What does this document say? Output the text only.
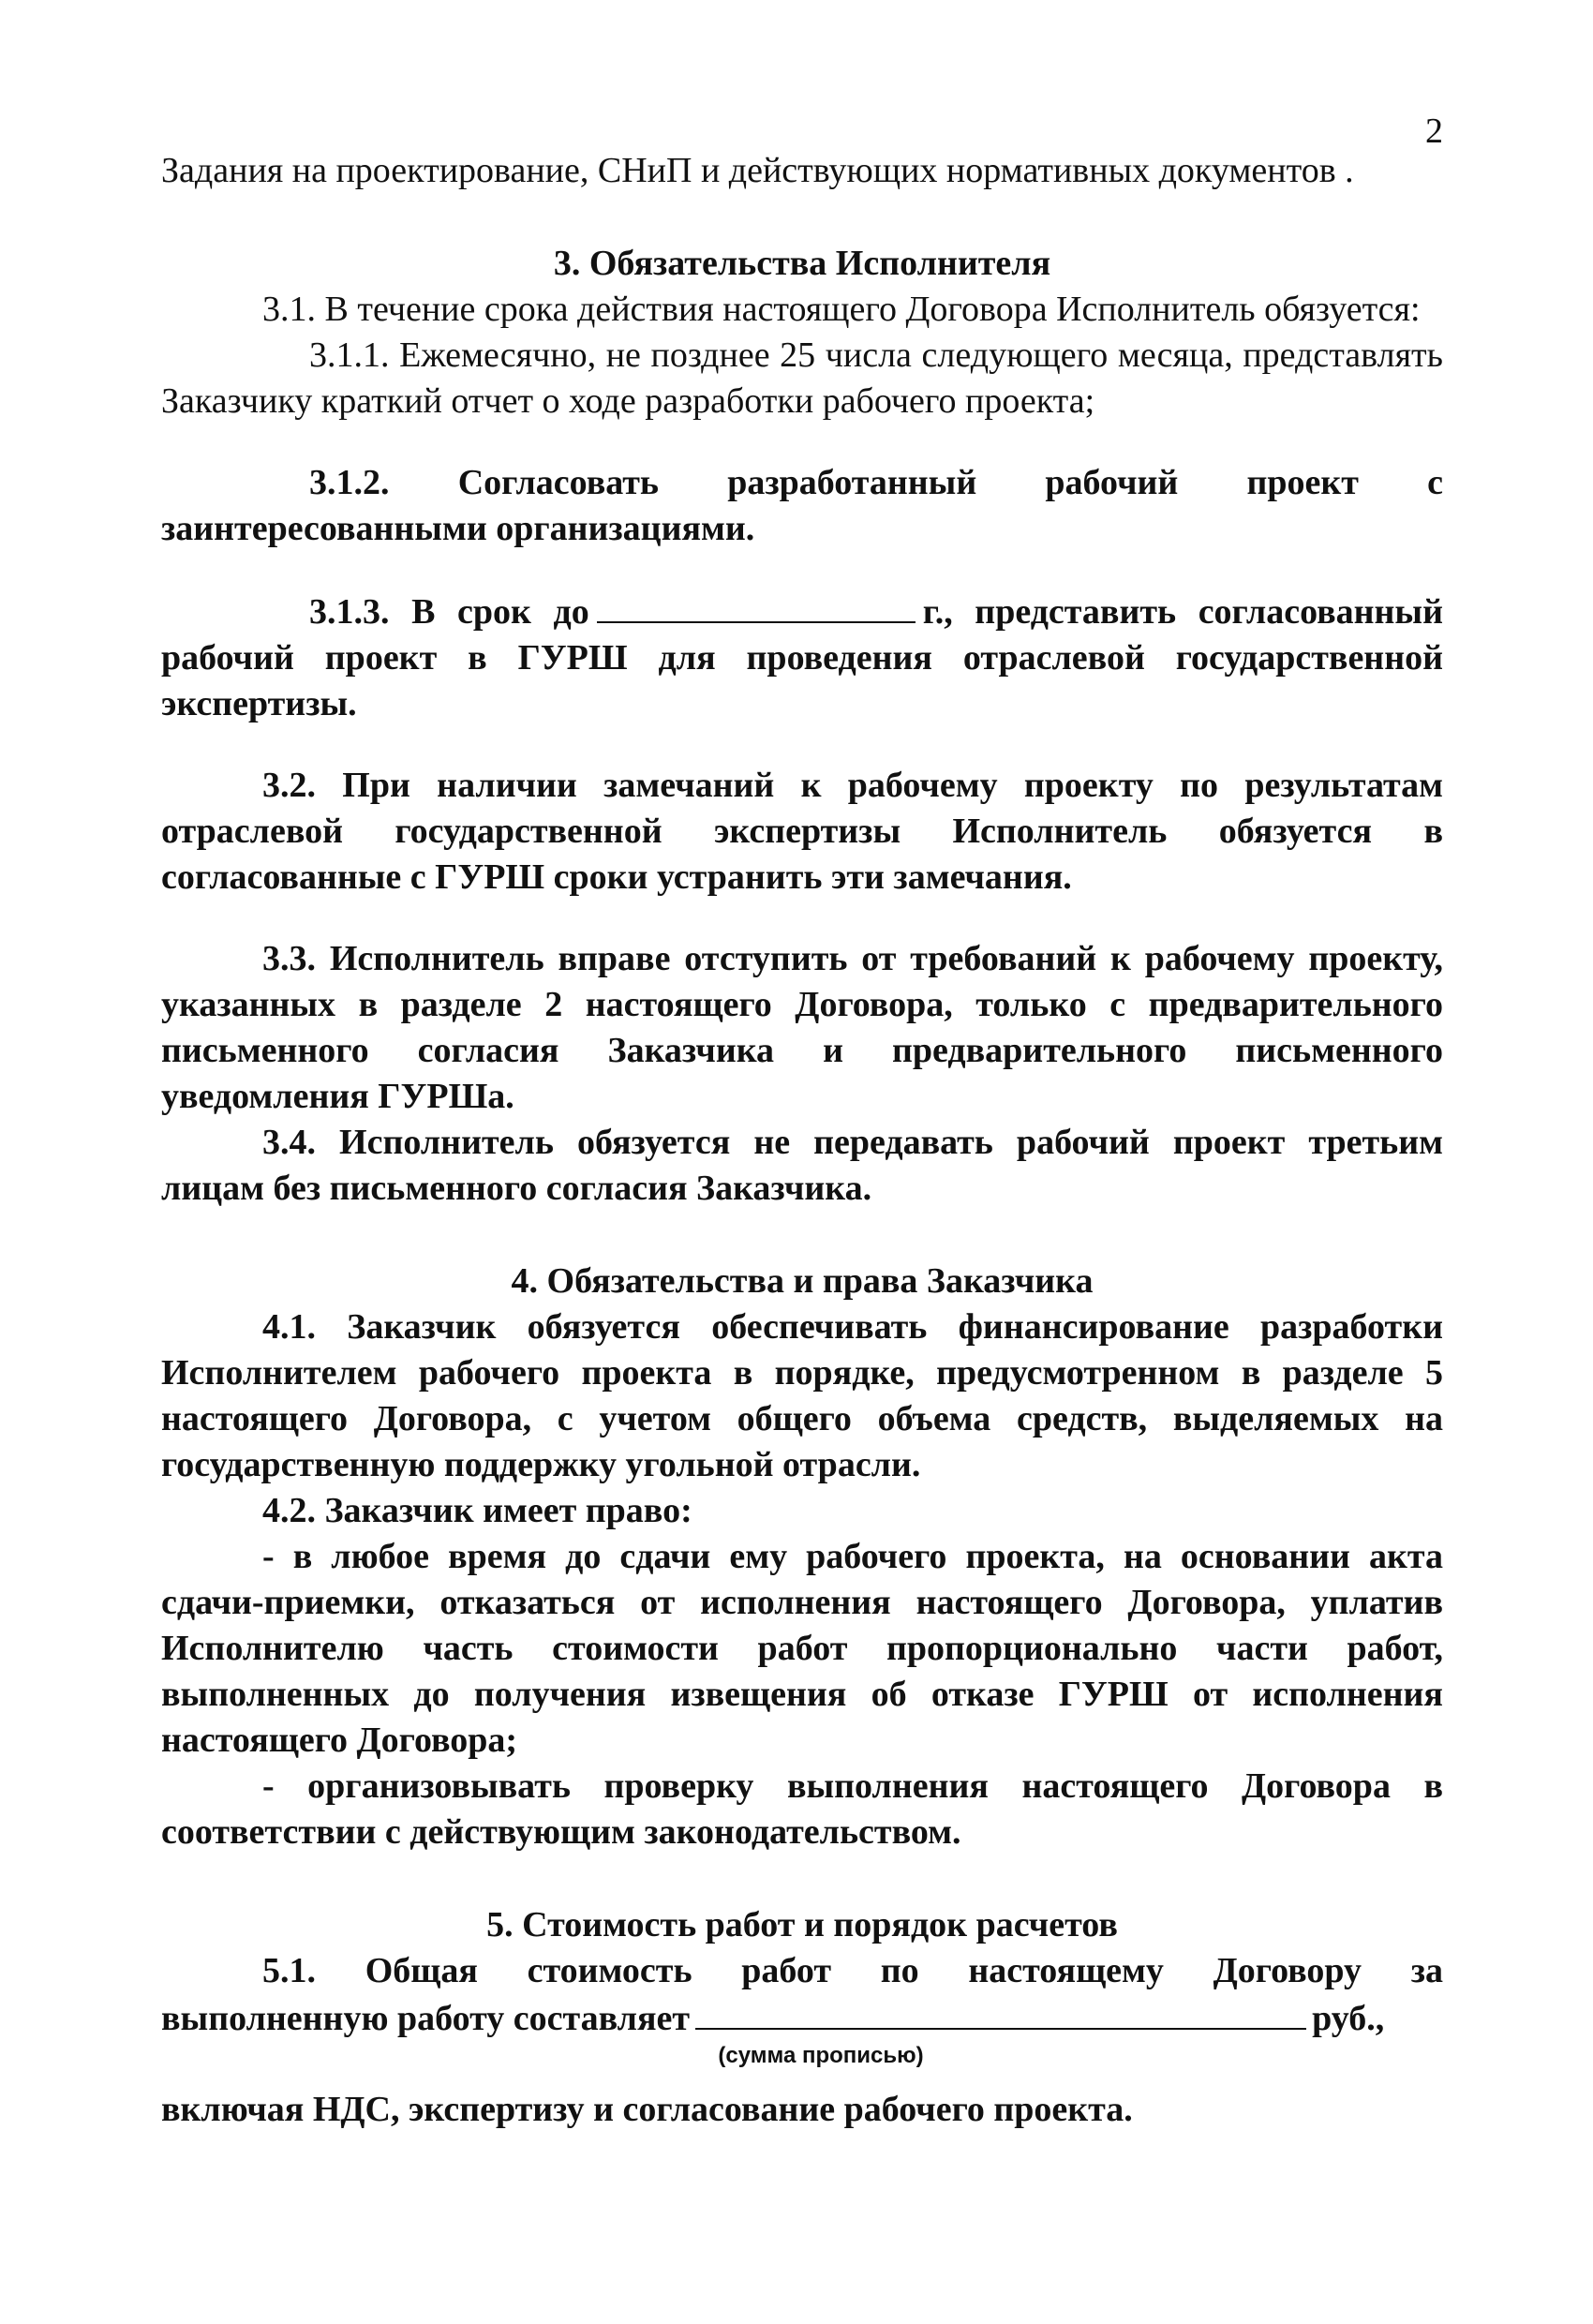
2

Задания на проектирование, СНиП и действующих нормативных документов .

3. Обязательства Исполнителя

3.1. В течение срока действия настоящего Договора Исполнитель обязуется:

3.1.1. Ежемесячно, не позднее 25 числа следующего месяца, представлять Заказчику краткий отчет о ходе разработки рабочего проекта;

3.1.2. Согласовать разработанный рабочий проект с заинтересованными организациями.

3.1.3. В срок до	г., представить согласованный рабочий проект в ГУРШ для проведения отраслевой государственной экспертизы.

3.2. При наличии замечаний к рабочему проекту по результатам отраслевой государственной экспертизы Исполнитель обязуется в согласованные с ГУРШ сроки устранить эти замечания.

3.3. Исполнитель вправе отступить от требований к рабочему проекту, указанных в разделе 2 настоящего Договора, только с предварительного письменного согласия Заказчика и предварительного письменного уведомления ГУРШа.

3.4. Исполнитель обязуется не передавать рабочий проект третьим лицам без письменного согласия Заказчика.

4. Обязательства и права Заказчика

4.1. Заказчик обязуется обеспечивать финансирование разработки Исполнителем рабочего проекта в порядке, предусмотренном в разделе 5 настоящего Договора, с учетом общего объема средств, выделяемых на государственную поддержку угольной отрасли.

4.2. Заказчик имеет право:

- в любое время до сдачи ему рабочего проекта, на основании акта сдачи-приемки, отказаться от исполнения настоящего Договора, уплатив Исполнителю часть стоимости работ пропорционально части работ, выполненных до получения извещения об отказе ГУРШ от исполнения настоящего Договора;

- организовывать проверку выполнения настоящего Договора в соответствии с действующим законодательством.

5. Стоимость работ и порядок расчетов

5.1. Общая стоимость работ по настоящему Договору за

выполненную работу составляет	руб.,

(сумма прописью)

включая НДС, экспертизу и согласование рабочего проекта.
